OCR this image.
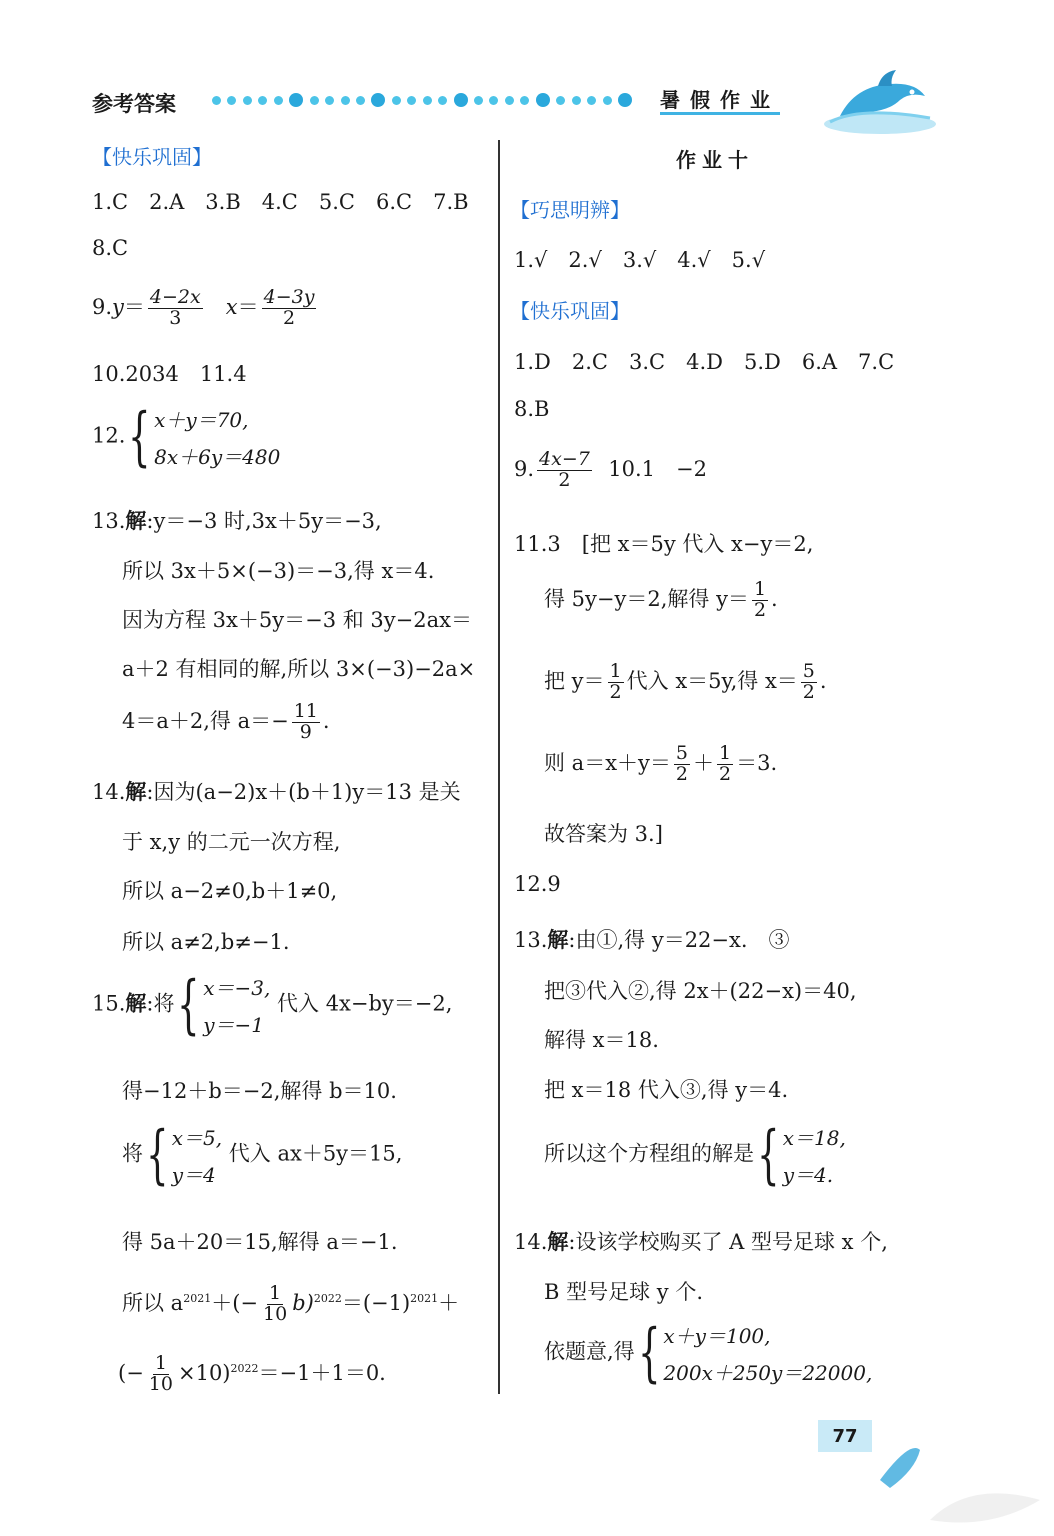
参考答案	暑假作业
【快乐巩固】
1.C　2.A　3.B　4.C　5.C　6.C　7.B
8.C
$9.y= \frac{4-2x}{3} x= \frac{4-3y}{2}$
10.2034　11.4
12. { x＋y＝70,
8x＋6y＝480
13.解:y＝−3 时,3x＋5y＝−3,
所以 3x＋5×(−3)＝−3,得 x＝4.
因为方程 3x＋5y＝−3 和 3y−2ax＝
a＋2 有相同的解,所以 3×(−3)−2a×
4＝a＋2,得 $a=- \frac{11}{9}$ .
14.解:因为(a−2)x＋(b＋1)y＝13 是关
于 x,y 的二元一次方程,
所以 a−2≠0,b＋1≠0,
所以 a≠2,b≠−1.
15.解:将 { x＝−3,
y＝−1
代入 4x−by＝−2,
得−12＋b＝−2,解得 b＝10.
将 { x＝5,
y＝4
代入 ax＋5y＝15,
得 5a＋20＝15,解得 a＝−1.
所以 $a^{2021}+(- \frac{1}{10} b)^{2022}=(-1)^{2021}+$
(− $\frac{1}{10} \times 10)^{2022}=-1+1=0$.
作业十
【巧思明辨】
1.√　2.√　3.√　4.√　5.√
【快乐巩固】
1.D　2.C　3.C　4.D　5.D　6.A　7.C
8.B
9. $\frac{4x-7}{2} 10.1$　−2
11.3　[把 x＝5y 代入 x−y＝2,
得 5y−y＝2,解得 $y= \frac{1}{2}$ .
把 $y= \frac{1}{2}$ 代入 x＝5y,得 $x= \frac{5}{2}$ .
则 $a=x+y= \frac{5}{2} + \frac{1}{2} =3$.
故答案为 3.]
12.9
13.解:由①,得 y＝22−x.　③
把③代入②,得 2x＋(22−x)＝40,
解得 x＝18.
把 x＝18 代入③,得 y＝4.
所以这个方程组的解是 { x＝18,
y＝4.
14.解:设该学校购买了 A 型号足球 x 个,
B 型号足球 y 个.
依题意,得 { x＋y＝100,
200x＋250y＝22000,
77
